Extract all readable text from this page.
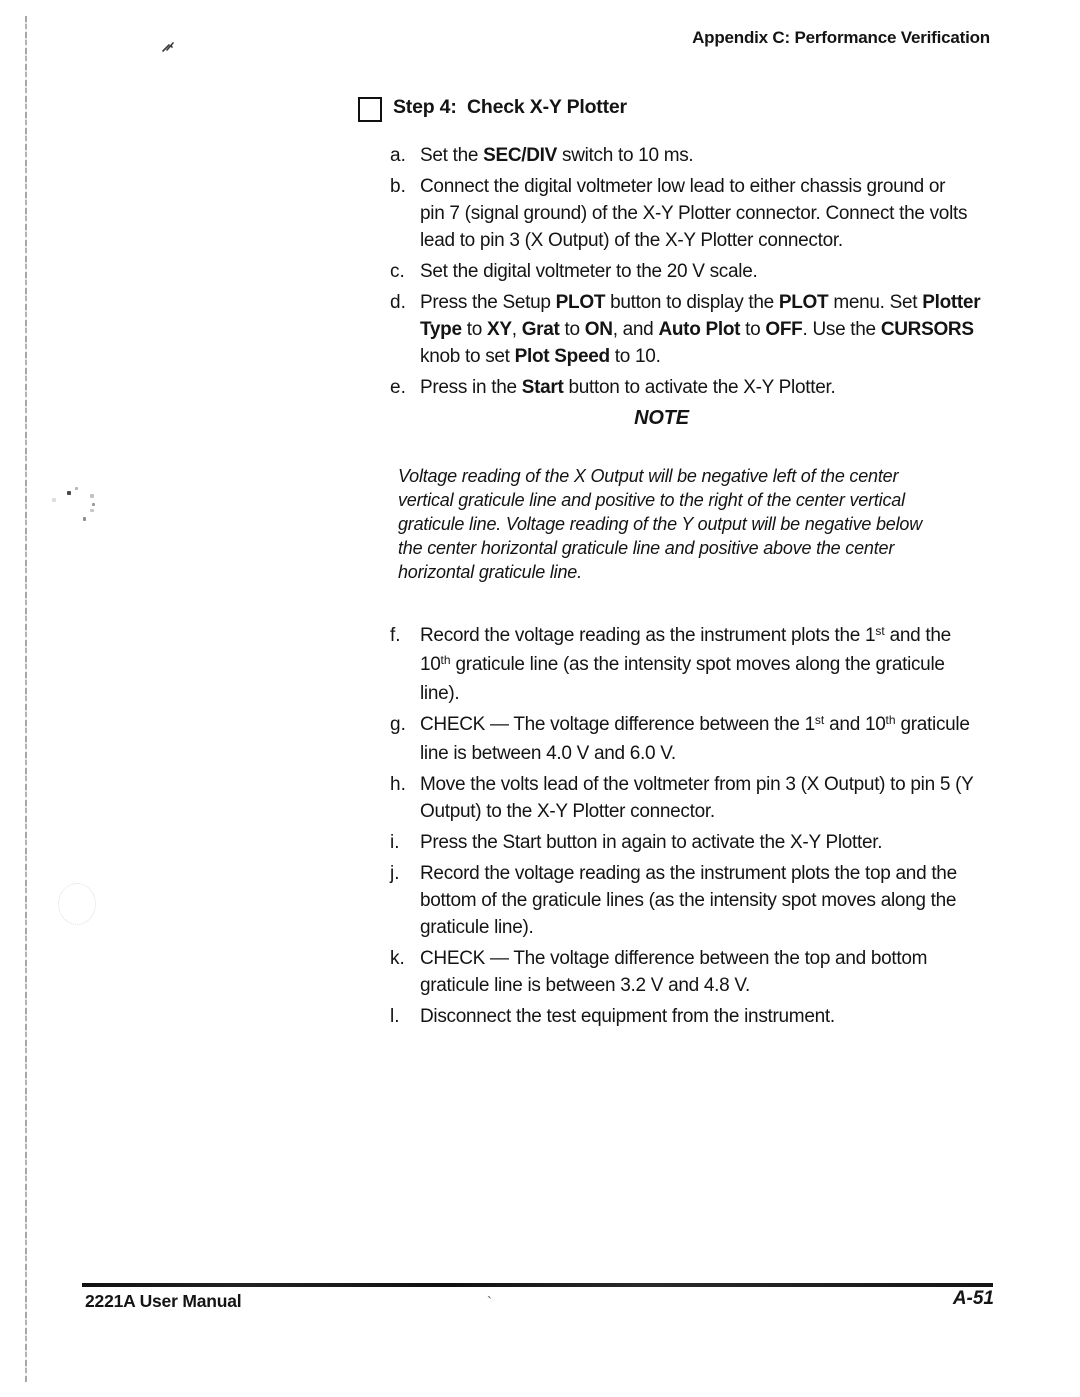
Appendix C: Performance Verification
Step 4:  Check X-Y Plotter
a. Set the SEC/DIV switch to 10 ms.
b. Connect the digital voltmeter low lead to either chassis ground or
pin 7 (signal ground) of the X-Y Plotter connector. Connect the volts
lead to pin 3 (X Output) of the X-Y Plotter connector.
c. Set the digital voltmeter to the 20 V scale.
d. Press the Setup PLOT button to display the PLOT menu. Set Plotter
Type to XY, Grat to ON, and Auto Plot to OFF. Use the CURSORS
knob to set Plot Speed to 10.
e. Press in the Start button to activate the X-Y Plotter.
NOTE
Voltage reading of the X Output will be negative left of the center
vertical graticule line and positive to the right of the center vertical
graticule line. Voltage reading of the Y output will be negative below
the center horizontal graticule line and positive above the center
horizontal graticule line.
f.	Record the voltage reading as the instrument plots the 1st and the
10th graticule line (as the intensity spot moves along the graticule
line).
g. CHECK — The voltage difference between the 1st and 10th graticule
line is between 4.0 V and 6.0 V.
h. Move the volts lead of the voltmeter from pin 3 (X Output) to pin 5 (Y
Output) to the X-Y Plotter connector.
i.	Press the Start button in again to activate the X-Y Plotter.
j.	Record the voltage reading as the instrument plots the top and the
bottom of the graticule lines (as the intensity spot moves along the
graticule line).
k. CHECK — The voltage difference between the top and bottom
graticule line is between 3.2 V and 4.8 V.
l.	Disconnect the test equipment from the instrument.
`
2221A User Manual	A-51
